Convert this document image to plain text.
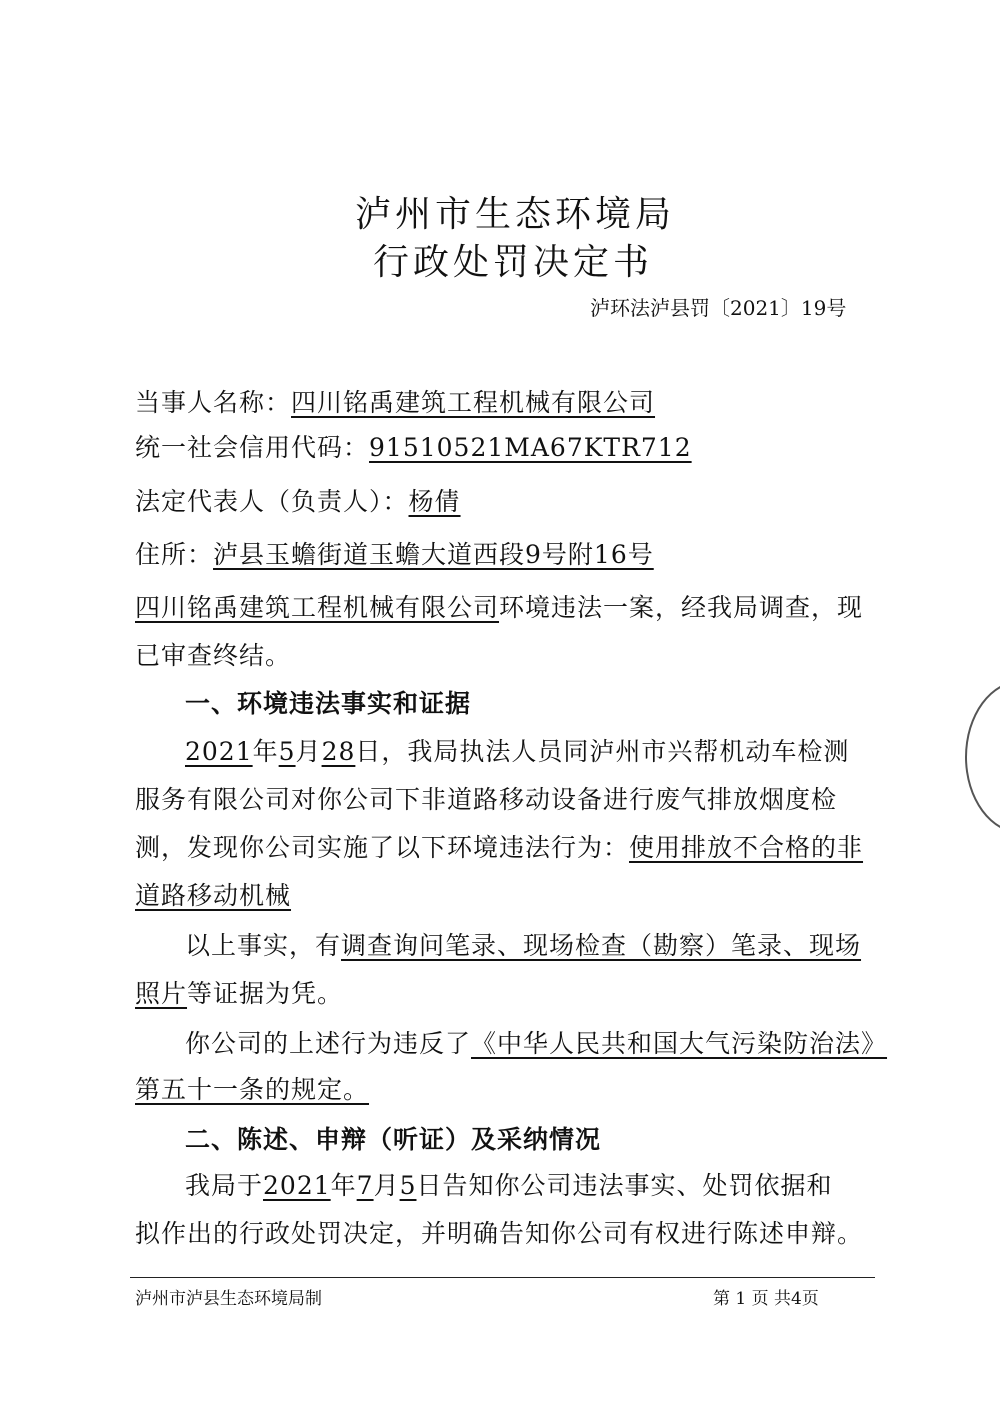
泸州市生态环境局
行政处罚决定书
泸环法泸县罚〔2021〕19号
当事人名称：四川铭禹建筑工程机械有限公司
统一社会信用代码：91510521MA67KTR712
法定代表人（负责人）：杨倩
住所：泸县玉蟾街道玉蟾大道西段9号附16号
四川铭禹建筑工程机械有限公司环境违法一案，经我局调查，现
已审查终结。
一、环境违法事实和证据
2021年5月28日，我局执法人员同泸州市兴帮机动车检测
服务有限公司对你公司下非道路移动设备进行废气排放烟度检
测，发现你公司实施了以下环境违法行为：使用排放不合格的非
道路移动机械
以上事实，有调查询问笔录、现场检查（勘察）笔录、现场
照片等证据为凭。
你公司的上述行为违反了《中华人民共和国大气污染防治法》
第五十一条的规定。
二、陈述、申辩（听证）及采纳情况
我局于2021年7月5日告知你公司违法事实、处罚依据和
拟作出的行政处罚决定，并明确告知你公司有权进行陈述申辩。
泸州市泸县生态环境局制	第 1 页 共4页
